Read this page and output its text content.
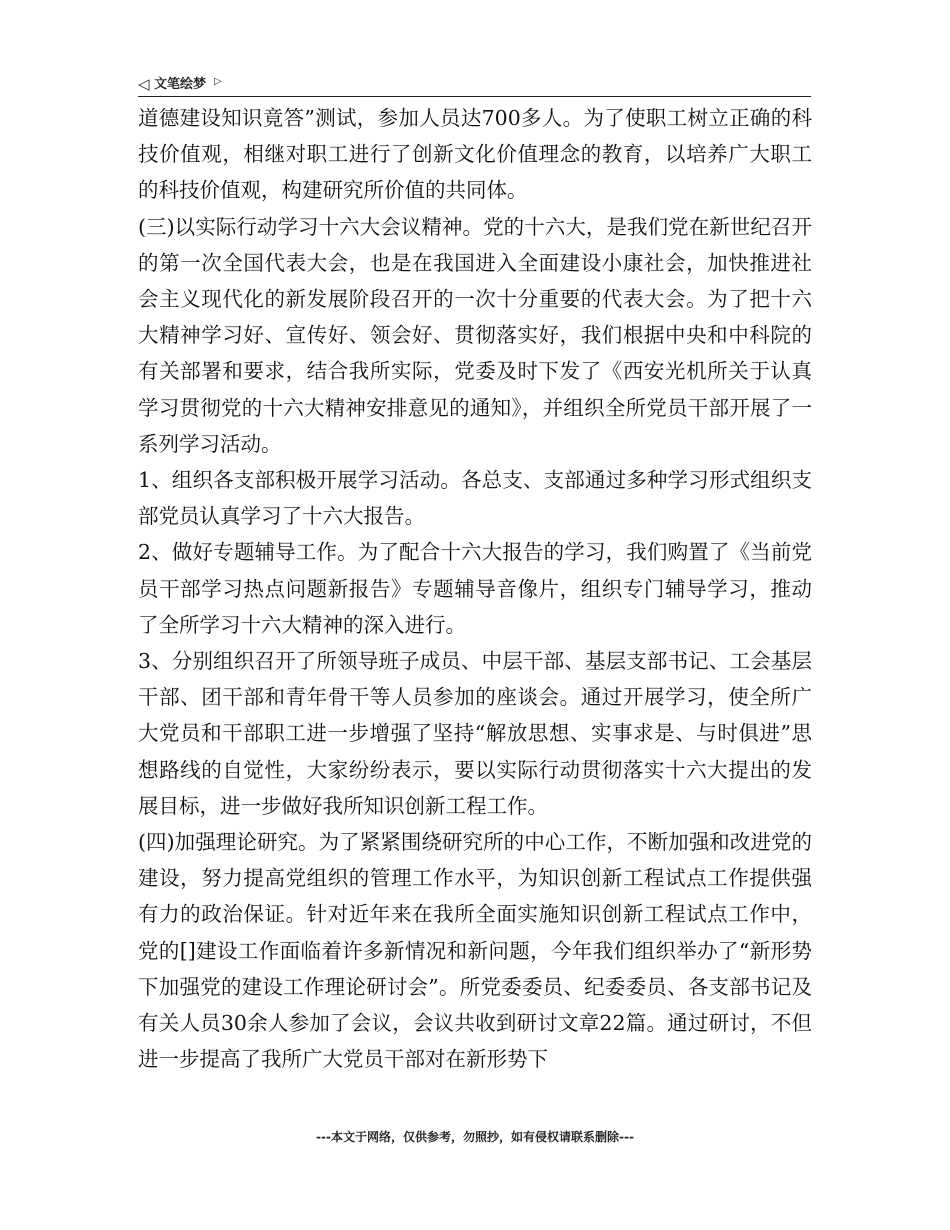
◁ 文笔绘梦 ▷

道德建设知识竟答”测试，参加人员达700多人。为了使职工树立正确的科技价值观，相继对职工进行了创新文化价值理念的教育，以培养广大职工的科技价值观，构建研究所价值的共同体。

(三)以实际行动学习十六大会议精神。党的十六大，是我们党在新世纪召开的第一次全国代表大会，也是在我国进入全面建设小康社会，加快推进社会主义现代化的新发展阶段召开的一次十分重要的代表大会。为了把十六大精神学习好、宣传好、领会好、贯彻落实好，我们根据中央和中科院的有关部署和要求，结合我所实际，党委及时下发了《西安光机所关于认真学习贯彻党的十六大精神安排意见的通知》，并组织全所党员干部开展了一系列学习活动。

1、组织各支部积极开展学习活动。各总支、支部通过多种学习形式组织支部党员认真学习了十六大报告。

2、做好专题辅导工作。为了配合十六大报告的学习，我们购置了《当前党员干部学习热点问题新报告》专题辅导音像片，组织专门辅导学习，推动了全所学习十六大精神的深入进行。

3、分别组织召开了所领导班子成员、中层干部、基层支部书记、工会基层干部、团干部和青年骨干等人员参加的座谈会。通过开展学习，使全所广大党员和干部职工进一步增强了坚持“解放思想、实事求是、与时俱进”思想路线的自觉性，大家纷纷表示，要以实际行动贯彻落实十六大提出的发展目标，进一步做好我所知识创新工程工作。

(四)加强理论研究。为了紧紧围绕研究所的中心工作，不断加强和改进党的建设，努力提高党组织的管理工作水平，为知识创新工程试点工作提供强有力的政治保证。针对近年来在我所全面实施知识创新工程试点工作中，党的[]建设工作面临着许多新情况和新问题，今年我们组织举办了“新形势下加强党的建设工作理论研讨会”。所党委委员、纪委委员、各支部书记及有关人员30余人参加了会议，会议共收到研讨文章22篇。通过研讨，不但进一步提高了我所广大党员干部对在新形势下

---本文于网络，仅供参考，勿照抄，如有侵权请联系删除---
